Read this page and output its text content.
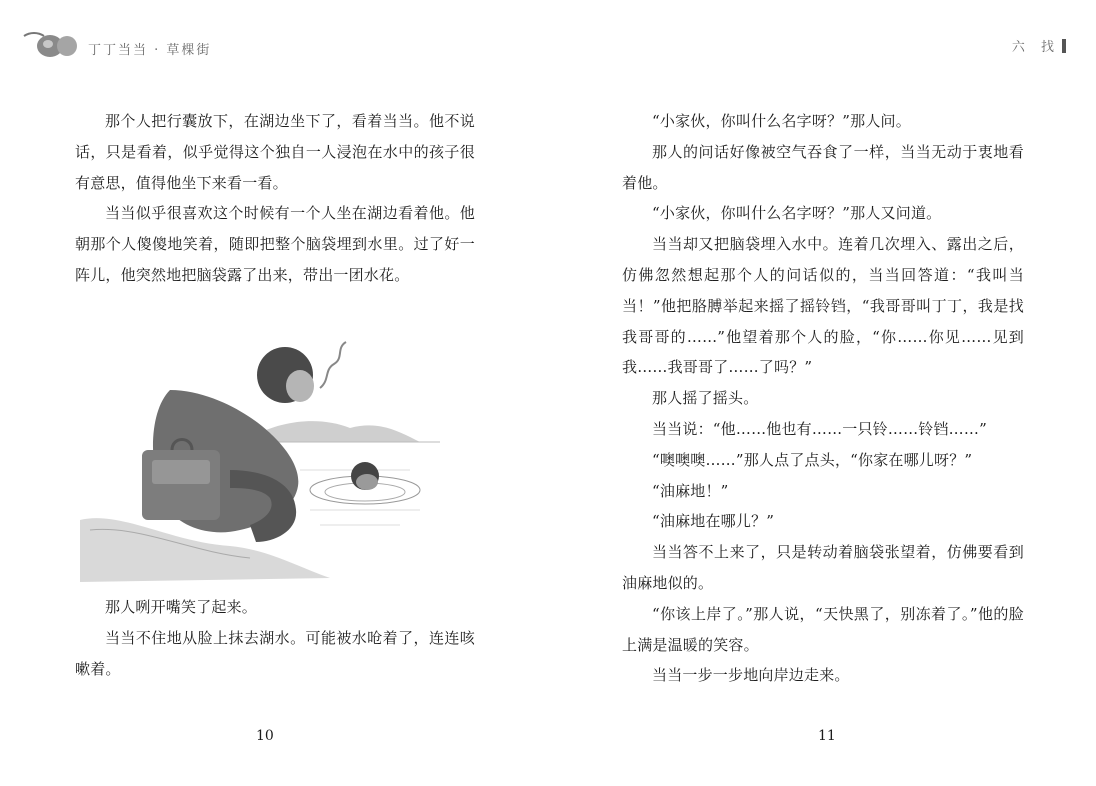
丁丁当当 · 草棵街	六 找

那个人把行囊放下，在湖边坐下了，看着当当。他不说话，只是看着，似乎觉得这个独自一人浸泡在水中的孩子很有意思，值得他坐下来看一看。

当当似乎很喜欢这个时候有一个人坐在湖边看着他。他朝那个人傻傻地笑着，随即把整个脑袋埋到水里。过了好一阵儿，他突然地把脑袋露了出来，带出一团水花。

那人咧开嘴笑了起来。

当当不住地从脸上抹去湖水。可能被水呛着了，连连咳嗽着。

“小家伙，你叫什么名字呀？”那人问。

那人的问话好像被空气吞食了一样，当当无动于衷地看着他。

“小家伙，你叫什么名字呀？”那人又问道。

当当却又把脑袋埋入水中。连着几次埋入、露出之后，仿佛忽然想起那个人的问话似的，当当回答道：“我叫当当！”他把胳膊举起来摇了摇铃铛，“我哥哥叫丁丁，我是找我哥哥的……”他望着那个人的脸，“你……你见……见到我……我哥哥了……了吗？”

那人摇了摇头。

当当说：“他……他也有……一只铃……铃铛……”

“噢噢噢……”那人点了点头，“你家在哪儿呀？”

“油麻地！”

“油麻地在哪儿？”

当当答不上来了，只是转动着脑袋张望着，仿佛要看到油麻地似的。

“你该上岸了。”那人说，“天快黑了，别冻着了。”他的脸上满是温暖的笑容。

当当一步一步地向岸边走来。

10	11
